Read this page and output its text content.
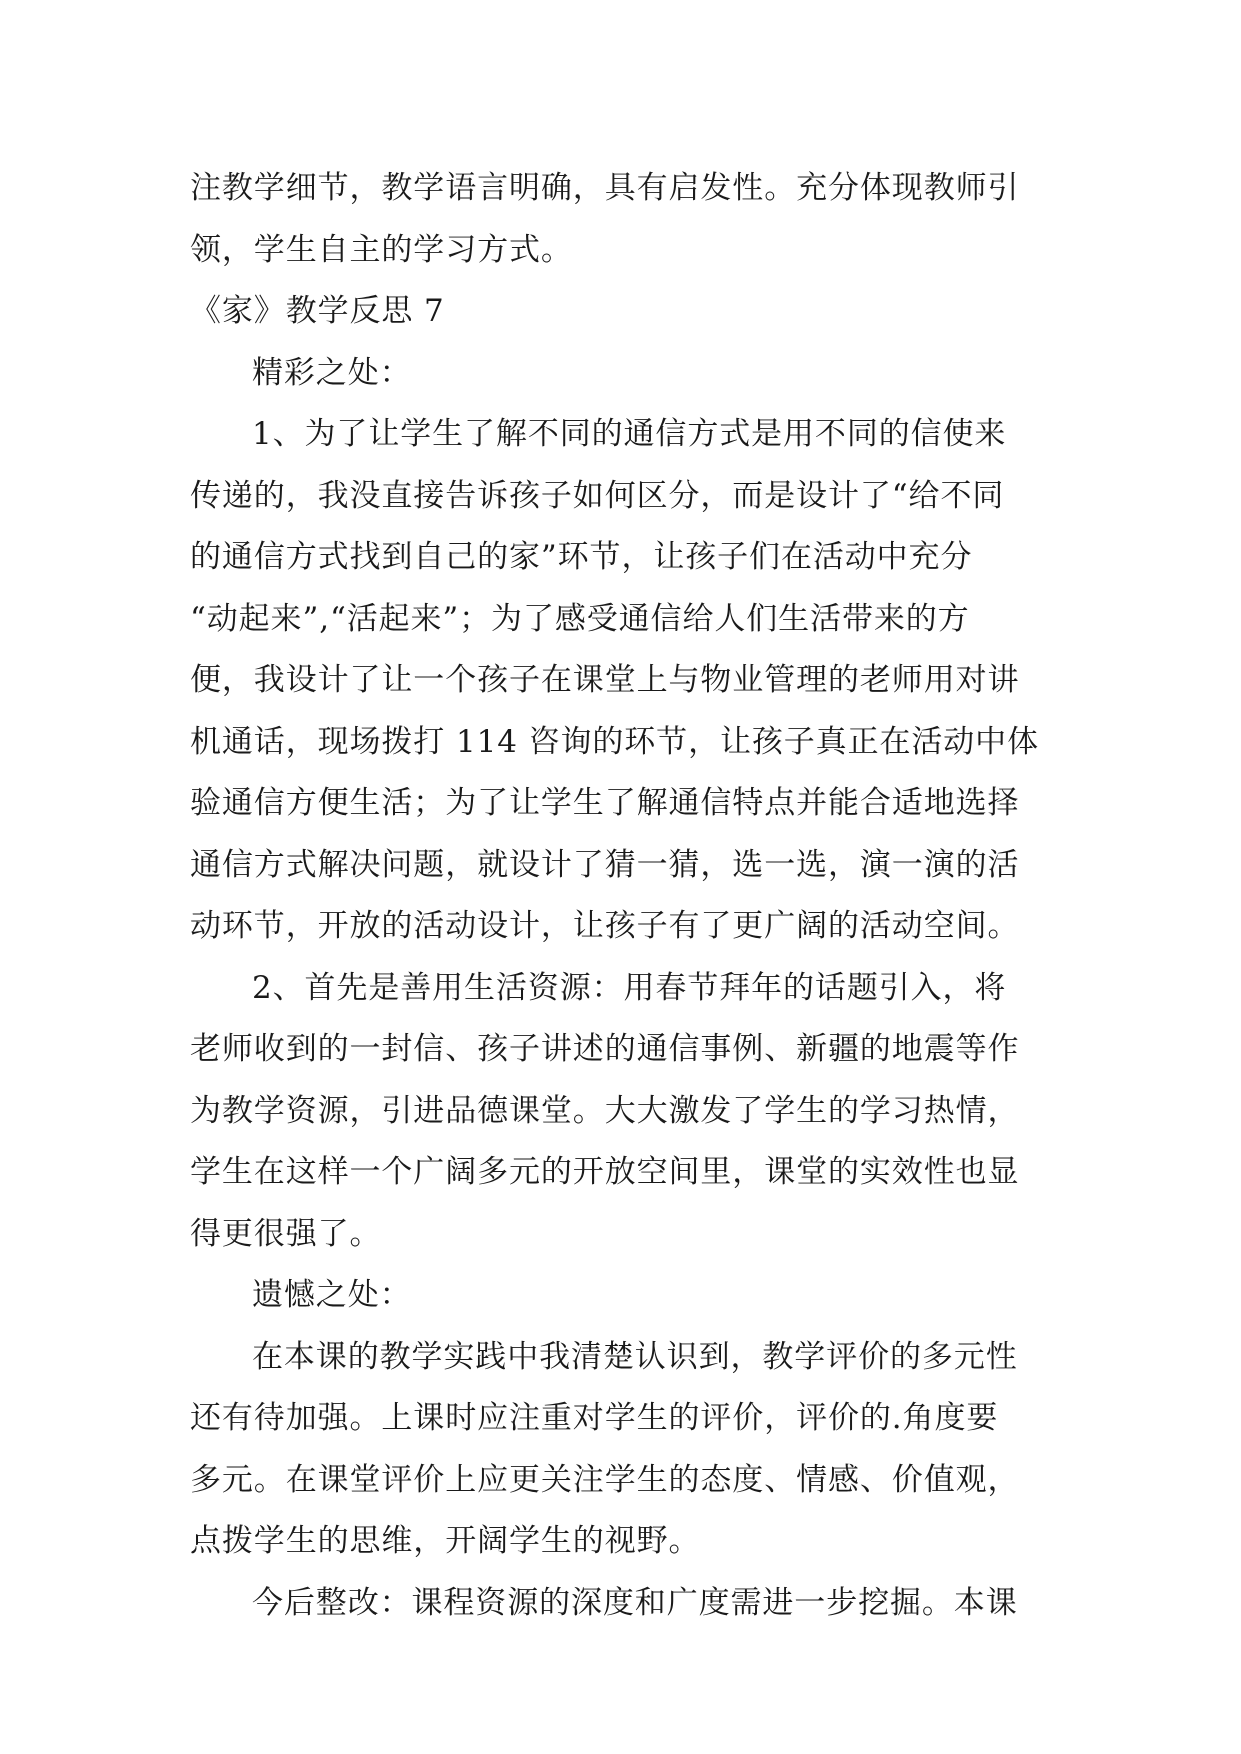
注教学细节，教学语言明确，具有启发性。充分体现教师引
领，学生自主的学习方式。
《家》教学反思 7
精彩之处：
1、为了让学生了解不同的通信方式是用不同的信使来
传递的，我没直接告诉孩子如何区分，而是设计了“给不同
的通信方式找到自己的家”环节，让孩子们在活动中充分
“动起来”,“活起来”；为了感受通信给人们生活带来的方
便，我设计了让一个孩子在课堂上与物业管理的老师用对讲
机通话，现场拨打 114 咨询的环节，让孩子真正在活动中体
验通信方便生活；为了让学生了解通信特点并能合适地选择
通信方式解决问题，就设计了猜一猜，选一选，演一演的活
动环节，开放的活动设计，让孩子有了更广阔的活动空间。
2、首先是善用生活资源：用春节拜年的话题引入，将
老师收到的一封信、孩子讲述的通信事例、新疆的地震等作
为教学资源，引进品德课堂。大大激发了学生的学习热情，
学生在这样一个广阔多元的开放空间里，课堂的实效性也显
得更很强了。
遗憾之处：
在本课的教学实践中我清楚认识到，教学评价的多元性
还有待加强。上课时应注重对学生的评价，评价的.角度要
多元。在课堂评价上应更关注学生的态度、情感、价值观，
点拨学生的思维，开阔学生的视野。
今后整改：课程资源的深度和广度需进一步挖掘。本课
